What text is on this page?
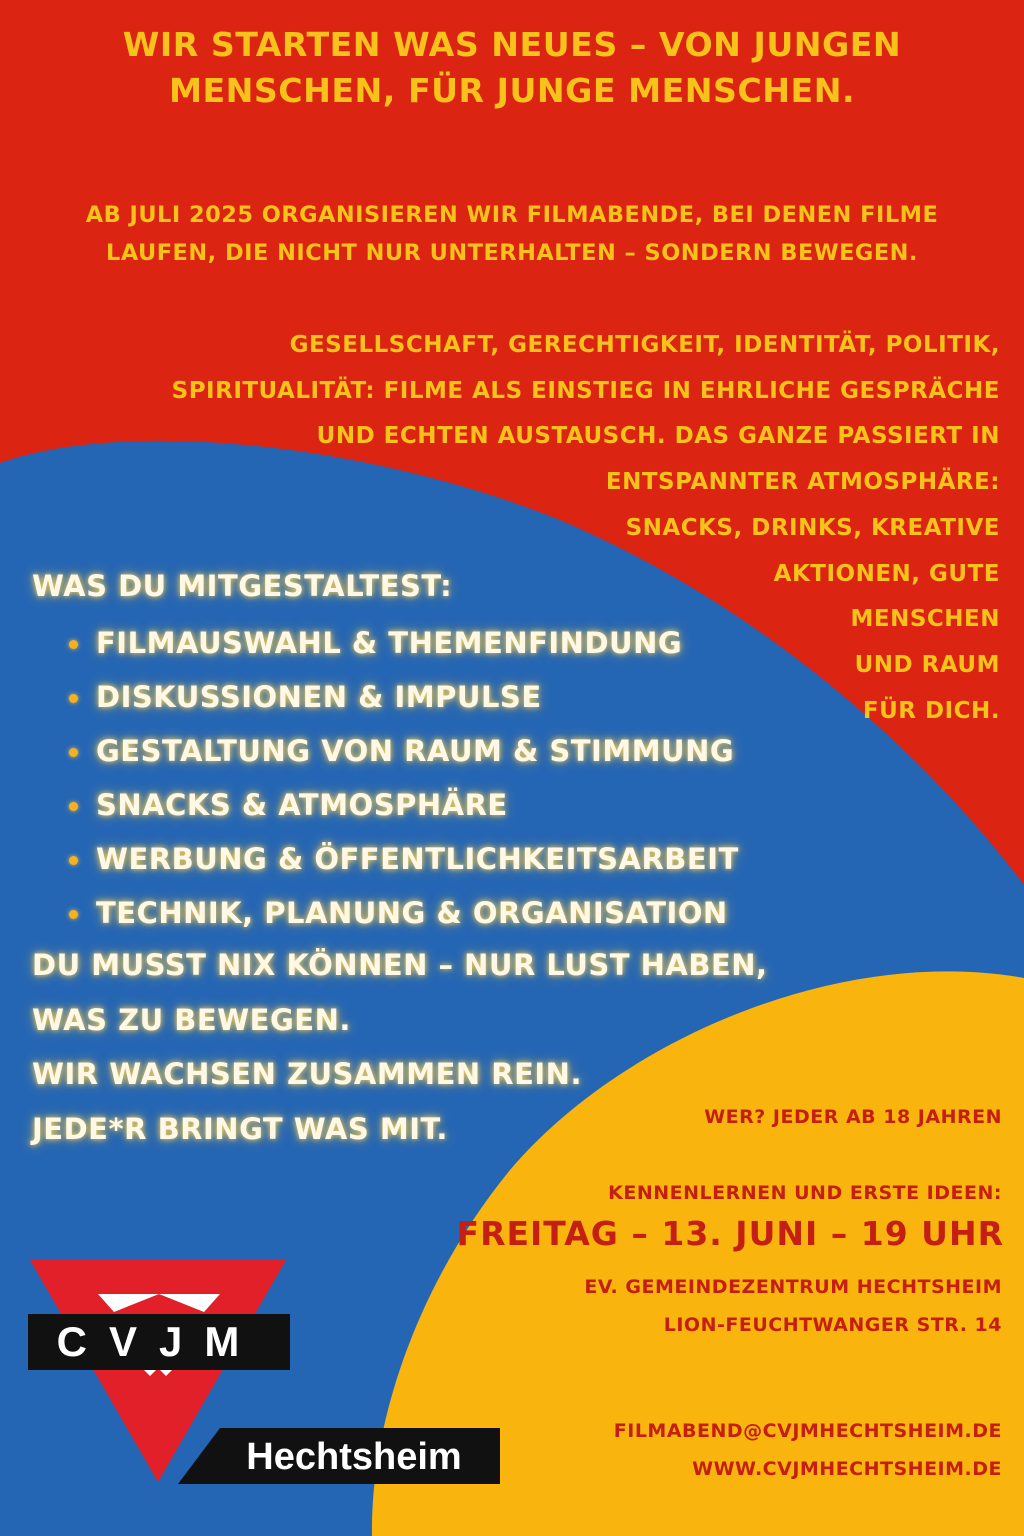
WIR STARTEN WAS NEUES – VON JUNGEN
MENSCHEN, FÜR JUNGE MENSCHEN.

AB JULI 2025 ORGANISIEREN WIR FILMABENDE, BEI DENEN FILME
LAUFEN, DIE NICHT NUR UNTERHALTEN – SONDERN BEWEGEN.

GESELLSCHAFT, GERECHTIGKEIT, IDENTITÄT, POLITIK,
SPIRITUALITÄT: FILME ALS EINSTIEG IN EHRLICHE GESPRÄCHE
UND ECHTEN AUSTAUSCH. DAS GANZE PASSIERT IN
ENTSPANNTER ATMOSPHÄRE:
SNACKS, DRINKS, KREATIVE
AKTIONEN, GUTE
MENSCHEN
UND RAUM
FÜR DICH.

WAS DU MITGESTALTEST:

FILMAUSWAHL & THEMENFINDUNG
DISKUSSIONEN & IMPULSE
GESTALTUNG VON RAUM & STIMMUNG
SNACKS & ATMOSPHÄRE
WERBUNG & ÖFFENTLICHKEITSARBEIT
TECHNIK, PLANUNG & ORGANISATION

DU MUSST NIX KÖNNEN – NUR LUST HABEN,
WAS ZU BEWEGEN.
WIR WACHSEN ZUSAMMEN REIN.
JEDE*R BRINGT WAS MIT.	WER? JEDER AB 18 JAHREN

KENNENLERNEN UND ERSTE IDEEN:

FREITAG – 13. JUNI – 19 UHR

EV. GEMEINDEZENTRUM HECHTSHEIM
LION-FEUCHTWANGER STR. 14

FILMABEND@CVJMHECHTSHEIM.DE
WWW.CVJMHECHTSHEIM.DE

CVJM
Hechtsheim
